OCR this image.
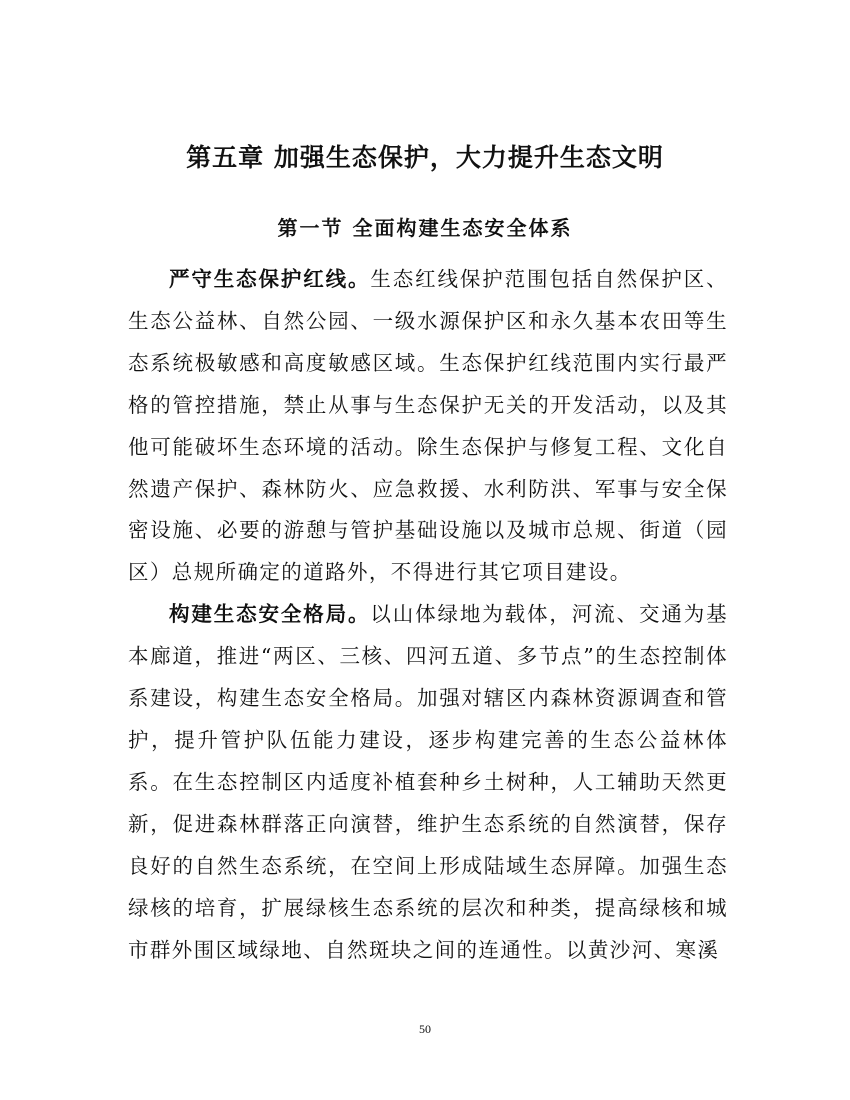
第五章 加强生态保护，大力提升生态文明
第一节 全面构建生态安全体系

严守生态保护红线。生态红线保护范围包括自然保护区、生态公益林、自然公园、一级水源保护区和永久基本农田等生态系统极敏感和高度敏感区域。生态保护红线范围内实行最严格的管控措施，禁止从事与生态保护无关的开发活动，以及其他可能破坏生态环境的活动。除生态保护与修复工程、文化自然遗产保护、森林防火、应急救援、水利防洪、军事与安全保密设施、必要的游憩与管护基础设施以及城市总规、街道（园区）总规所确定的道路外，不得进行其它项目建设。

构建生态安全格局。以山体绿地为载体，河流、交通为基本廊道，推进“两区、三核、四河五道、多节点”的生态控制体系建设，构建生态安全格局。加强对辖区内森林资源调查和管护，提升管护队伍能力建设，逐步构建完善的生态公益林体系。在生态控制区内适度补植套种乡土树种，人工辅助天然更新，促进森林群落正向演替，维护生态系统的自然演替，保存良好的自然生态系统，在空间上形成陆域生态屏障。加强生态绿核的培育，扩展绿核生态系统的层次和种类，提高绿核和城市群外围区域绿地、自然斑块之间的连通性。以黄沙河、寒溪

50
